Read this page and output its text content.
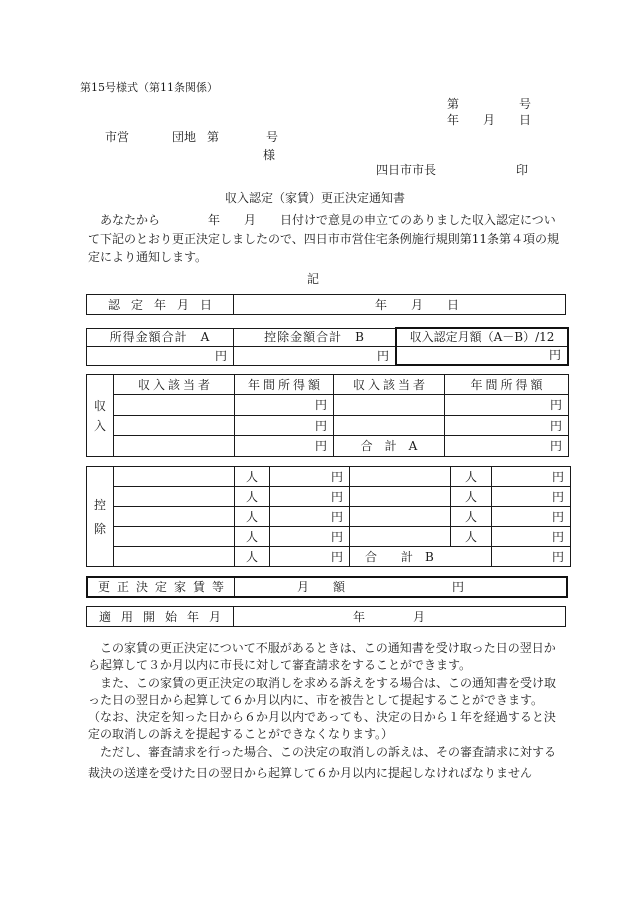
第15号様式（第11条関係）
第　　　　　号
年　　月　　日
市営	団地 第	号
様
四日市市長	印
収入認定（家賃）更正決定通知書
　あなたから　　　　年　　月　　日付けで意見の申立てのありました収入認定につい
て下記のとおり更正決定しましたので、四日市市営住宅条例施行規則第11条第４項の規
定により通知します。
記
認定年月日	年　　月　　日
所得金額合計　A	控除金額合計　B	収入認定月額（A－B）/12
円	円	円
収入	収入該当者	年間所得額	収入該当者	年間所得額
		円		円
		円		円
		円	合　計　A	円
控除		人	円		人	円
		人	円		人	円
		人	円		人	円
		人	円		人	円
		人	円	合　　計　B		円
更正決定家賃等	月　　額	円
適用開始年月	年　　　　月
　この家賃の更正決定について不服があるときは、この通知書を受け取った日の翌日か
ら起算して３か月以内に市長に対して審査請求をすることができます。
　また、この家賃の更正決定の取消しを求める訴えをする場合は、この通知書を受け取
った日の翌日から起算して６か月以内に、市を被告として提起することができます。
（なお、決定を知った日から６か月以内であっても、決定の日から１年を経過すると決
定の取消しの訴えを提起することができなくなります。）
　ただし、審査請求を行った場合、この決定の取消しの訴えは、その審査請求に対する
裁決の送達を受けた日の翌日から起算して６か月以内に提起しなければなりません
